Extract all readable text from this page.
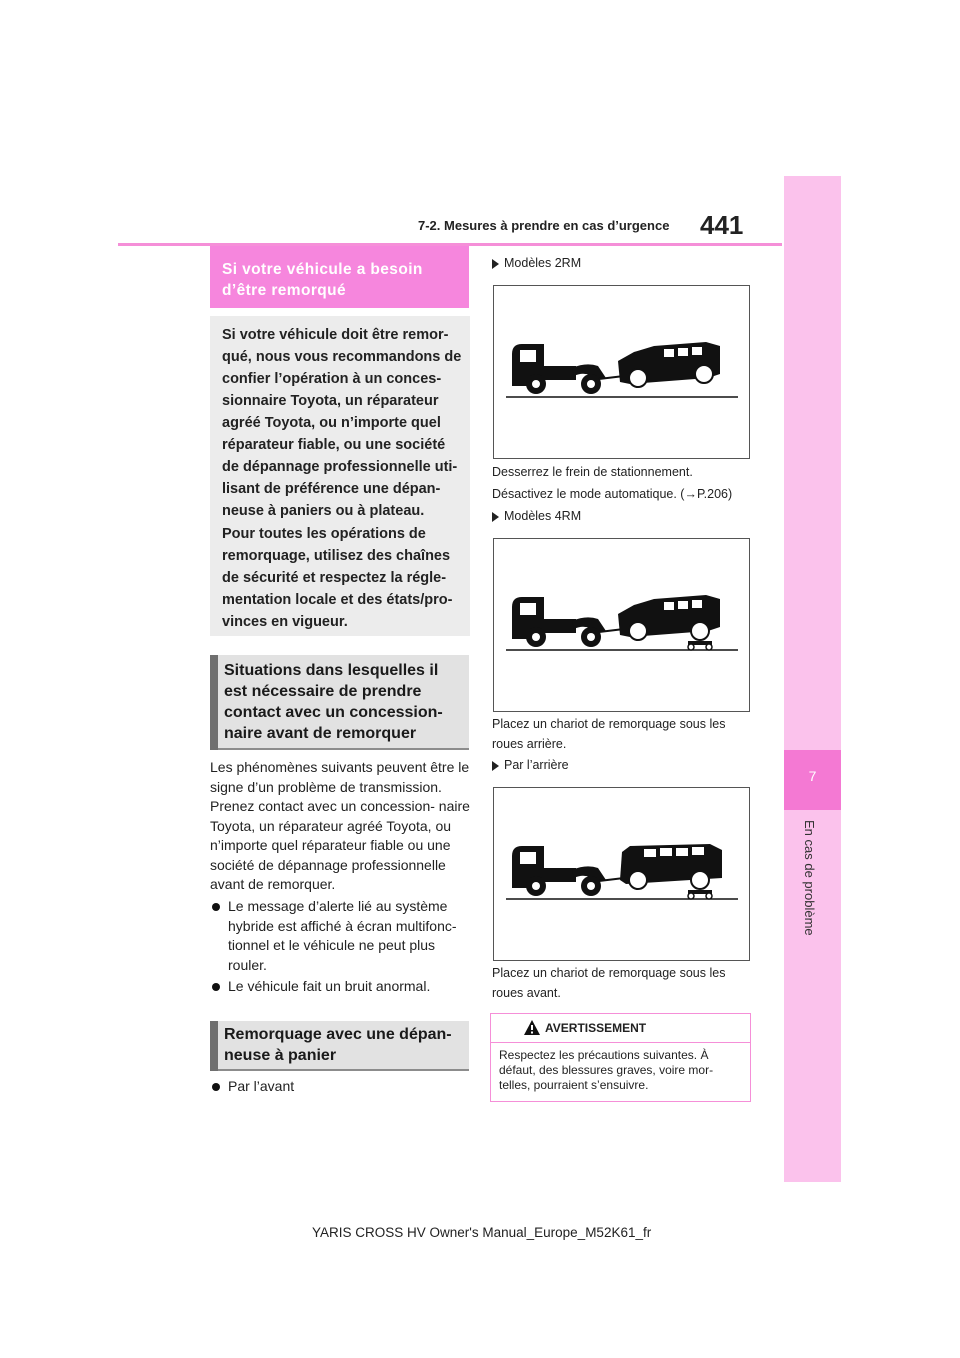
7-2. Mesures à prendre en cas d’urgence 441
7
En cas de problème
Si votre véhicule a besoin d’être remorqué
Si votre véhicule doit être remor- qué, nous vous recommandons de confier l’opération à un conces- sionnaire Toyota, un réparateur agréé Toyota, ou n’importe quel réparateur fiable, ou une société de dépannage professionnelle uti- lisant de préférence une dépan- neuse à paniers ou à plateau.
Pour toutes les opérations de remorquage, utilisez des chaînes de sécurité et respectez la régle- mentation locale et des états/pro- vinces en vigueur.
Situations dans lesquelles il est nécessaire de prendre contact avec un concession- naire avant de remorquer
Les phénomènes suivants peuvent être le signe d’un problème de transmission. Prenez contact avec un concession- naire Toyota, un réparateur agréé Toyota, ou n’importe quel réparateur fiable ou une société de dépannage professionnelle avant de remorquer.
Le message d’alerte lié au système hybride est affiché à écran multifonc- tionnel et le véhicule ne peut plus rouler.
Le véhicule fait un bruit anormal.
Remorquage avec une dépan- neuse à panier
Par l’avant
Modèles 2RM
Desserrez le frein de stationnement.
Désactivez le mode automatique. (→P.206)
Modèles 4RM
Placez un chariot de remorquage sous les roues arrière.
Par l’arrière
Placez un chariot de remorquage sous les roues avant.
AVERTISSEMENT
Respectez les précautions suivantes. À défaut, des blessures graves, voire mor- telles, pourraient s’ensuivre.
YARIS CROSS HV Owner's Manual_Europe_M52K61_fr
